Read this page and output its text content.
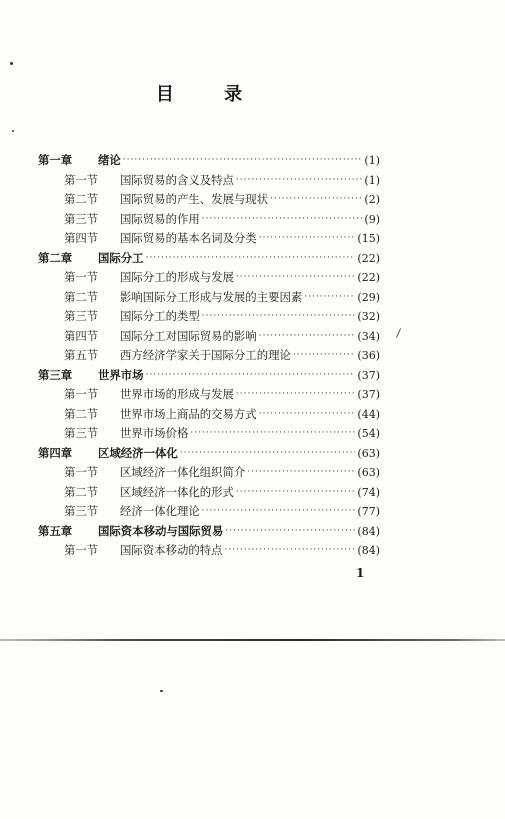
目 录
第一章	绪论 ·····	(1)
第一节	国际贸易的含义及特点 ·····	(1)
第二节	国际贸易的产生、发展与现状 ·····	(2)
第三节	国际贸易的作用 ·····	(9)
第四节	国际贸易的基本名词及分类 ·····	(15)
第二章	国际分工 ·····	(22)
第一节	国际分工的形成与发展 ·····	(22)
第二节	影响国际分工形成与发展的主要因素 ·····	(29)
第三节	国际分工的类型 ·····	(32)
第四节	国际分工对国际贸易的影响 ·····	(34)
第五节	西方经济学家关于国际分工的理论 ·····	(36)
第三章	世界市场 ·····	(37)
第一节	世界市场的形成与发展 ·····	(37)
第二节	世界市场上商品的交易方式 ·····	(44)
第三节	世界市场价格 ·····	(54)
第四章	区域经济一体化 ·····	(63)
第一节	区域经济一体化组织简介 ·····	(63)
第二节	区域经济一体化的形式 ·····	(74)
第三节	经济一体化理论 ·····	(77)
第五章	国际资本移动与国际贸易 ·····	(84)
第一节	国际资本移动的特点 ·····	(84)
1
